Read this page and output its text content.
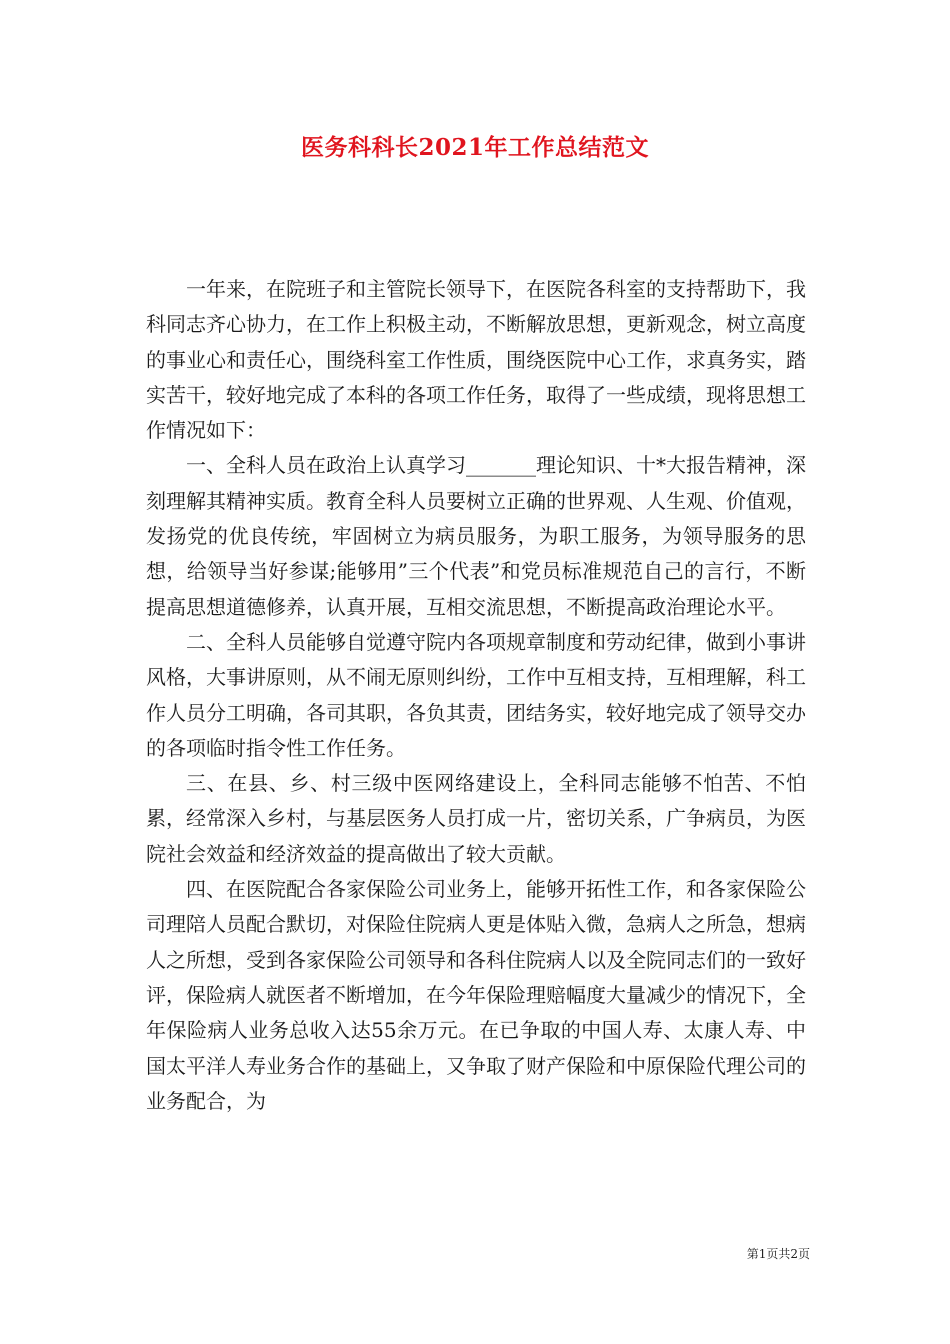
医务科科长2021年工作总结范文

一年来，在院班子和主管院长领导下，在医院各科室的支持帮助下，我科同志齐心协力，在工作上积极主动，不断解放思想，更新观念，树立高度的事业心和责任心，围绕科室工作性质，围绕医院中心工作，求真务实，踏实苦干，较好地完成了本科的各项工作任务，取得了一些成绩，现将思想工作情况如下：

一、全科人员在政治上认真学习_______理论知识、十*大报告精神，深刻理解其精神实质。教育全科人员要树立正确的世界观、人生观、价值观，发扬党的优良传统，牢固树立为病员服务，为职工服务，为领导服务的思想，给领导当好参谋;能够用”三个代表”和党员标准规范自己的言行，不断提高思想道德修养，认真开展，互相交流思想，不断提高政治理论水平。

二、全科人员能够自觉遵守院内各项规章制度和劳动纪律，做到小事讲风格，大事讲原则，从不闹无原则纠纷，工作中互相支持，互相理解，科工作人员分工明确，各司其职，各负其责，团结务实，较好地完成了领导交办的各项临时指令性工作任务。

三、在县、乡、村三级中医网络建设上，全科同志能够不怕苦、不怕累，经常深入乡村，与基层医务人员打成一片，密切关系，广争病员，为医院社会效益和经济效益的提高做出了较大贡献。

四、在医院配合各家保险公司业务上，能够开拓性工作，和各家保险公司理陪人员配合默切，对保险住院病人更是体贴入微，急病人之所急，想病人之所想，受到各家保险公司领导和各科住院病人以及全院同志们的一致好评，保险病人就医者不断增加，在今年保险理赔幅度大量减少的情况下，全年保险病人业务总收入达55余万元。在已争取的中国人寿、太康人寿、中国太平洋人寿业务合作的基础上，又争取了财产保险和中原保险代理公司的业务配合，为

第1页共2页
